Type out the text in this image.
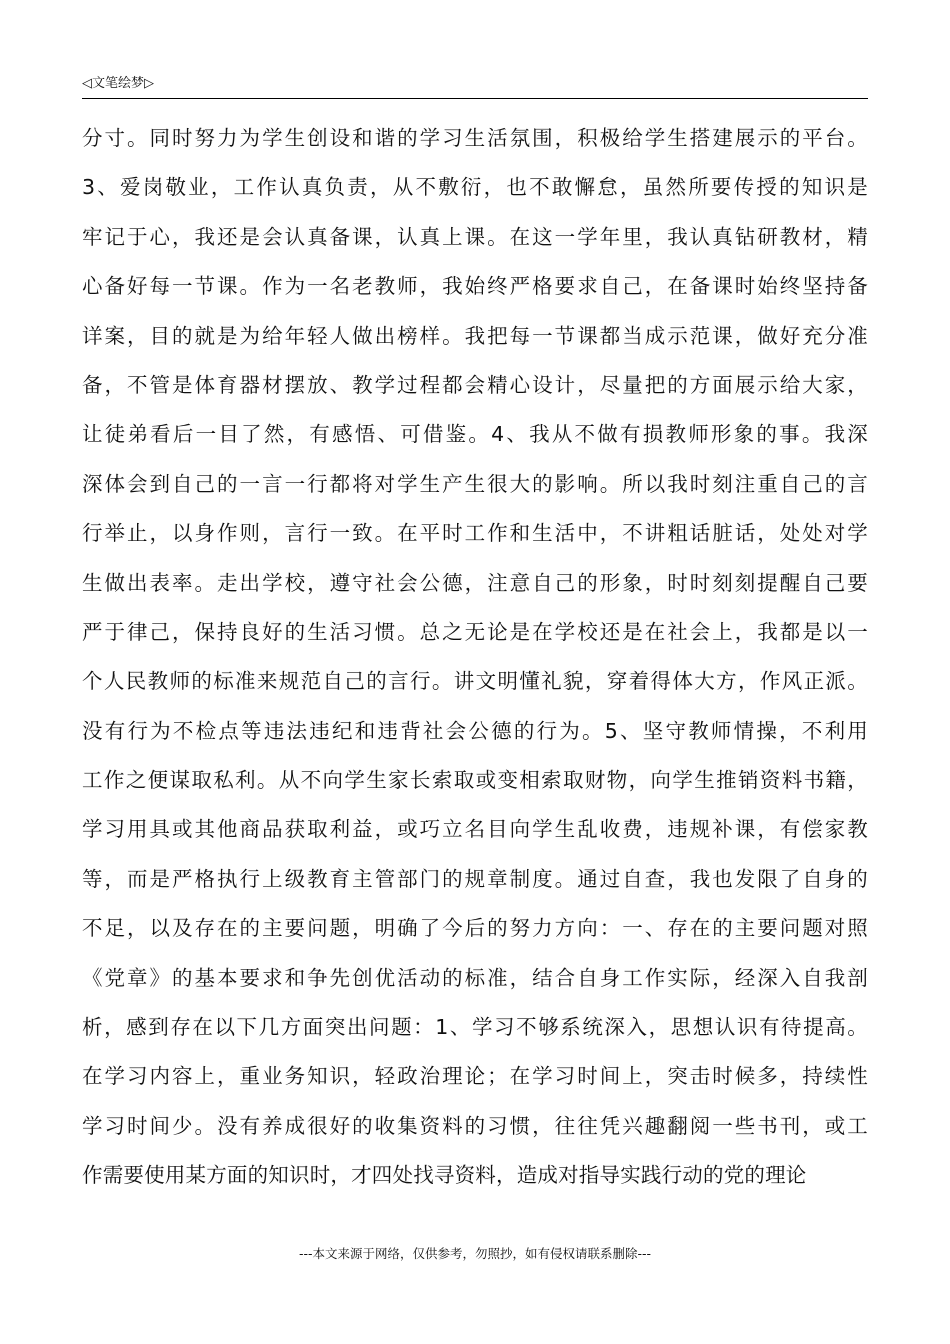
◁文笔绘梦▷
分寸。同时努力为学生创设和谐的学习生活氛围，积极给学生搭建展示的平台。
3、爱岗敬业，工作认真负责，从不敷衍，也不敢懈怠，虽然所要传授的知识是
牢记于心，我还是会认真备课，认真上课。在这一学年里，我认真钻研教材，精
心备好每一节课。作为一名老教师，我始终严格要求自己，在备课时始终坚持备
详案，目的就是为给年轻人做出榜样。我把每一节课都当成示范课，做好充分准
备，不管是体育器材摆放、教学过程都会精心设计，尽量把的方面展示给大家，
让徒弟看后一目了然，有感悟、可借鉴。4、我从不做有损教师形象的事。我深
深体会到自己的一言一行都将对学生产生很大的影响。所以我时刻注重自己的言
行举止，以身作则，言行一致。在平时工作和生活中，不讲粗话脏话，处处对学
生做出表率。走出学校，遵守社会公德，注意自己的形象，时时刻刻提醒自己要
严于律己，保持良好的生活习惯。总之无论是在学校还是在社会上，我都是以一
个人民教师的标准来规范自己的言行。讲文明懂礼貌，穿着得体大方，作风正派。
没有行为不检点等违法违纪和违背社会公德的行为。5、坚守教师情操，不利用
工作之便谋取私利。从不向学生家长索取或变相索取财物，向学生推销资料书籍，
学习用具或其他商品获取利益，或巧立名目向学生乱收费，违规补课，有偿家教
等，而是严格执行上级教育主管部门的规章制度。通过自查，我也发限了自身的
不足，以及存在的主要问题，明确了今后的努力方向：一、存在的主要问题对照
《党章》的基本要求和争先创优活动的标准，结合自身工作实际，经深入自我剖
析，感到存在以下几方面突出问题：1、学习不够系统深入，思想认识有待提高。
在学习内容上，重业务知识，轻政治理论；在学习时间上，突击时候多，持续性
学习时间少。没有养成很好的收集资料的习惯，往往凭兴趣翻阅一些书刊，或工
作需要使用某方面的知识时，才四处找寻资料，造成对指导实践行动的党的理论
---本文来源于网络，仅供参考，勿照抄，如有侵权请联系删除---
